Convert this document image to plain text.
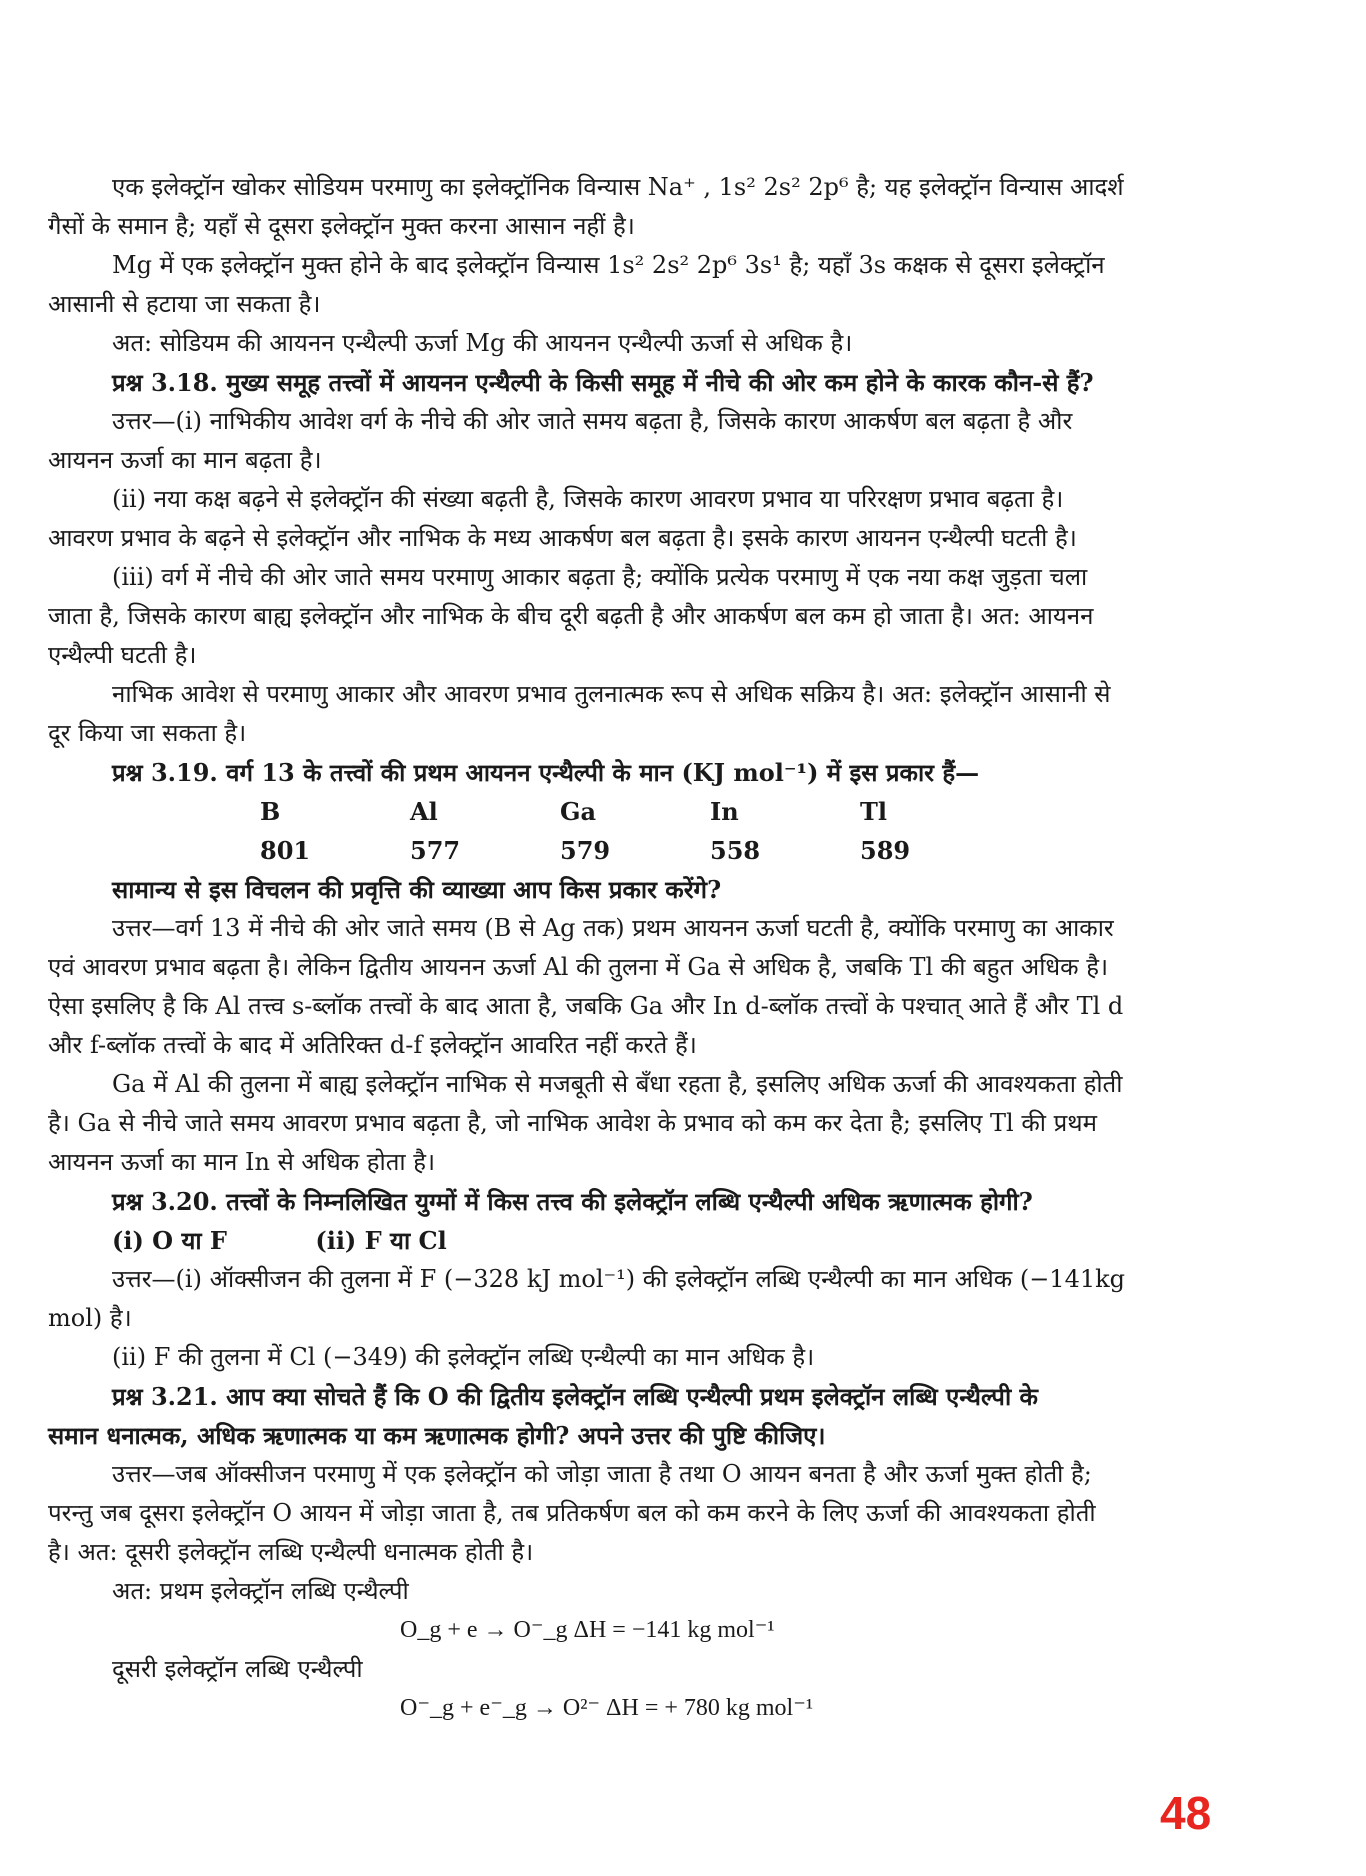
एक इलेक्ट्रॉन खोकर सोडियम परमाणु का इलेक्ट्रॉनिक विन्यास Na⁺ , 1s² 2s² 2p⁶ है; यह इलेक्ट्रॉन विन्यास आदर्श

गैसों के समान है; यहाँ से दूसरा इलेक्ट्रॉन मुक्त करना आसान नहीं है।

Mg में एक इलेक्ट्रॉन मुक्त होने के बाद इलेक्ट्रॉन विन्यास 1s² 2s² 2p⁶ 3s¹ है; यहाँ 3s कक्षक से दूसरा इलेक्ट्रॉन

आसानी से हटाया जा सकता है।

अत: सोडियम की आयनन एन्थैल्पी ऊर्जा Mg की आयनन एन्थैल्पी ऊर्जा से अधिक है।

प्रश्न 3.18. मुख्य समूह तत्त्वों में आयनन एन्थैल्पी के किसी समूह में नीचे की ओर कम होने के कारक कौन-से हैं?

उत्तर—(i) नाभिकीय आवेश वर्ग के नीचे की ओर जाते समय बढ़ता है, जिसके कारण आकर्षण बल बढ़ता है और

आयनन ऊर्जा का मान बढ़ता है।

(ii) नया कक्ष बढ़ने से इलेक्ट्रॉन की संख्या बढ़ती है, जिसके कारण आवरण प्रभाव या परिरक्षण प्रभाव बढ़ता है।

आवरण प्रभाव के बढ़ने से इलेक्ट्रॉन और नाभिक के मध्य आकर्षण बल बढ़ता है। इसके कारण आयनन एन्थैल्पी घटती है।

(iii) वर्ग में नीचे की ओर जाते समय परमाणु आकार बढ़ता है; क्योंकि प्रत्येक परमाणु में एक नया कक्ष जुड़ता चला

जाता है, जिसके कारण बाह्य इलेक्ट्रॉन और नाभिक के बीच दूरी बढ़ती है और आकर्षण बल कम हो जाता है। अत: आयनन

एन्थैल्पी घटती है।

नाभिक आवेश से परमाणु आकार और आवरण प्रभाव तुलनात्मक रूप से अधिक सक्रिय है। अत: इलेक्ट्रॉन आसानी से

दूर किया जा सकता है।

प्रश्न 3.19. वर्ग 13 के तत्त्वों की प्रथम आयनन एन्थैल्पी के मान (KJ mol⁻¹) में इस प्रकार हैं—

B	Al	Ga	In	Tl
801	577	579	558	589

सामान्य से इस विचलन की प्रवृत्ति की व्याख्या आप किस प्रकार करेंगे?

उत्तर—वर्ग 13 में नीचे की ओर जाते समय (B से Ag तक) प्रथम आयनन ऊर्जा घटती है, क्योंकि परमाणु का आकार

एवं आवरण प्रभाव बढ़ता है। लेकिन द्वितीय आयनन ऊर्जा Al की तुलना में Ga से अधिक है, जबकि Tl की बहुत अधिक है।

ऐसा इसलिए है कि Al तत्त्व s-ब्लॉक तत्त्वों के बाद आता है, जबकि Ga और In d-ब्लॉक तत्त्वों के पश्चात् आते हैं और Tl d

और f-ब्लॉक तत्त्वों के बाद में अतिरिक्त d-f इलेक्ट्रॉन आवरित नहीं करते हैं।

Ga में Al की तुलना में बाह्य इलेक्ट्रॉन नाभिक से मजबूती से बँधा रहता है, इसलिए अधिक ऊर्जा की आवश्यकता होती

है। Ga से नीचे जाते समय आवरण प्रभाव बढ़ता है, जो नाभिक आवेश के प्रभाव को कम कर देता है; इसलिए Tl की प्रथम

आयनन ऊर्जा का मान In से अधिक होता है।

प्रश्न 3.20. तत्त्वों के निम्नलिखित युग्मों में किस तत्त्व की इलेक्ट्रॉन लब्धि एन्थैल्पी अधिक ऋणात्मक होगी?

(i) O या F	(ii) F या Cl

उत्तर—(i) ऑक्सीजन की तुलना में F (−328 kJ mol⁻¹) की इलेक्ट्रॉन लब्धि एन्थैल्पी का मान अधिक (−141kg

mol) है।

(ii) F की तुलना में Cl (−349) की इलेक्ट्रॉन लब्धि एन्थैल्पी का मान अधिक है।

प्रश्न 3.21. आप क्या सोचते हैं कि O की द्वितीय इलेक्ट्रॉन लब्धि एन्थैल्पी प्रथम इलेक्ट्रॉन लब्धि एन्थैल्पी के

समान धनात्मक, अधिक ऋणात्मक या कम ऋणात्मक होगी? अपने उत्तर की पुष्टि कीजिए।

उत्तर—जब ऑक्सीजन परमाणु में एक इलेक्ट्रॉन को जोड़ा जाता है तथा O आयन बनता है और ऊर्जा मुक्त होती है;

परन्तु जब दूसरा इलेक्ट्रॉन O आयन में जोड़ा जाता है, तब प्रतिकर्षण बल को कम करने के लिए ऊर्जा की आवश्यकता होती

है। अत: दूसरी इलेक्ट्रॉन लब्धि एन्थैल्पी धनात्मक होती है।

अत: प्रथम इलेक्ट्रॉन लब्धि एन्थैल्पी

O_g + e → O⁻_g ΔH = −141 kg mol⁻¹

दूसरी इलेक्ट्रॉन लब्धि एन्थैल्पी

O⁻_g + e⁻_g → O²⁻ ΔH = + 780 kg mol⁻¹

48
